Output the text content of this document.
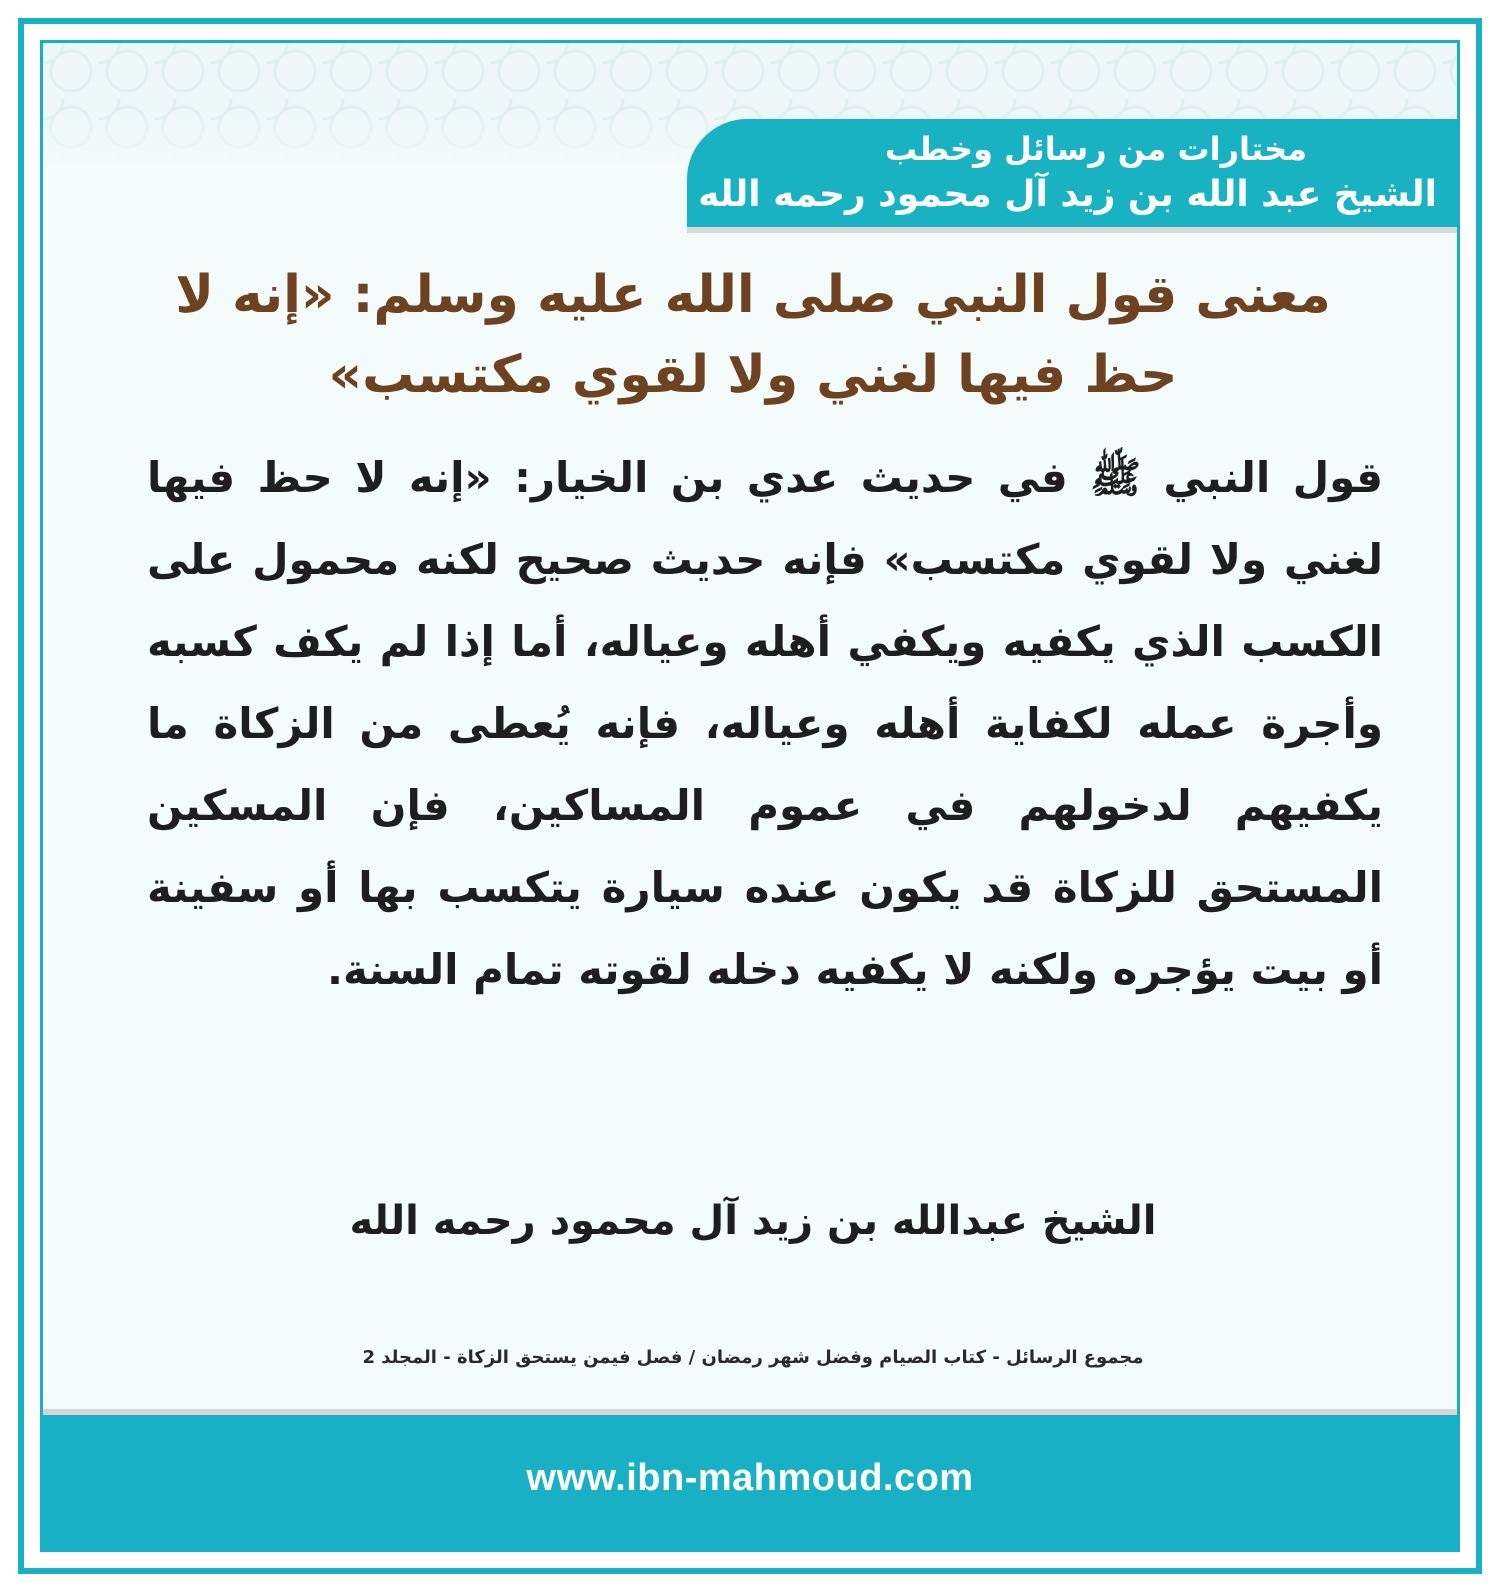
مختارات من رسائل وخطب
الشيخ عبد الله بن زيد آل محمود رحمه الله
معنى قول النبي صلى الله عليه وسلم: «إنه لا حظ فيها لغني ولا لقوي مكتسب»

قول النبي ﷺ في حديث عدي بن الخيار: «إنه لا حظ فيها لغني ولا لقوي مكتسب» فإنه حديث صحيح لكنه محمول على الكسب الذي يكفيه ويكفي أهله وعياله، أما إذا لم يكف كسبه وأجرة عمله لكفاية أهله وعياله، فإنه يُعطى من الزكاة ما يكفيهم لدخولهم في عموم المساكين، فإن المسكين المستحق للزكاة قد يكون عنده سيارة يتكسب بها أو سفينة أو بيت يؤجره ولكنه لا يكفيه دخله لقوته تمام السنة.

الشيخ عبدالله بن زيد آل محمود رحمه الله
مجموع الرسائل - كتاب الصيام وفضل شهر رمضان / فصل فيمن يستحق الزكاة - المجلد 2
www.ibn-mahmoud.com
